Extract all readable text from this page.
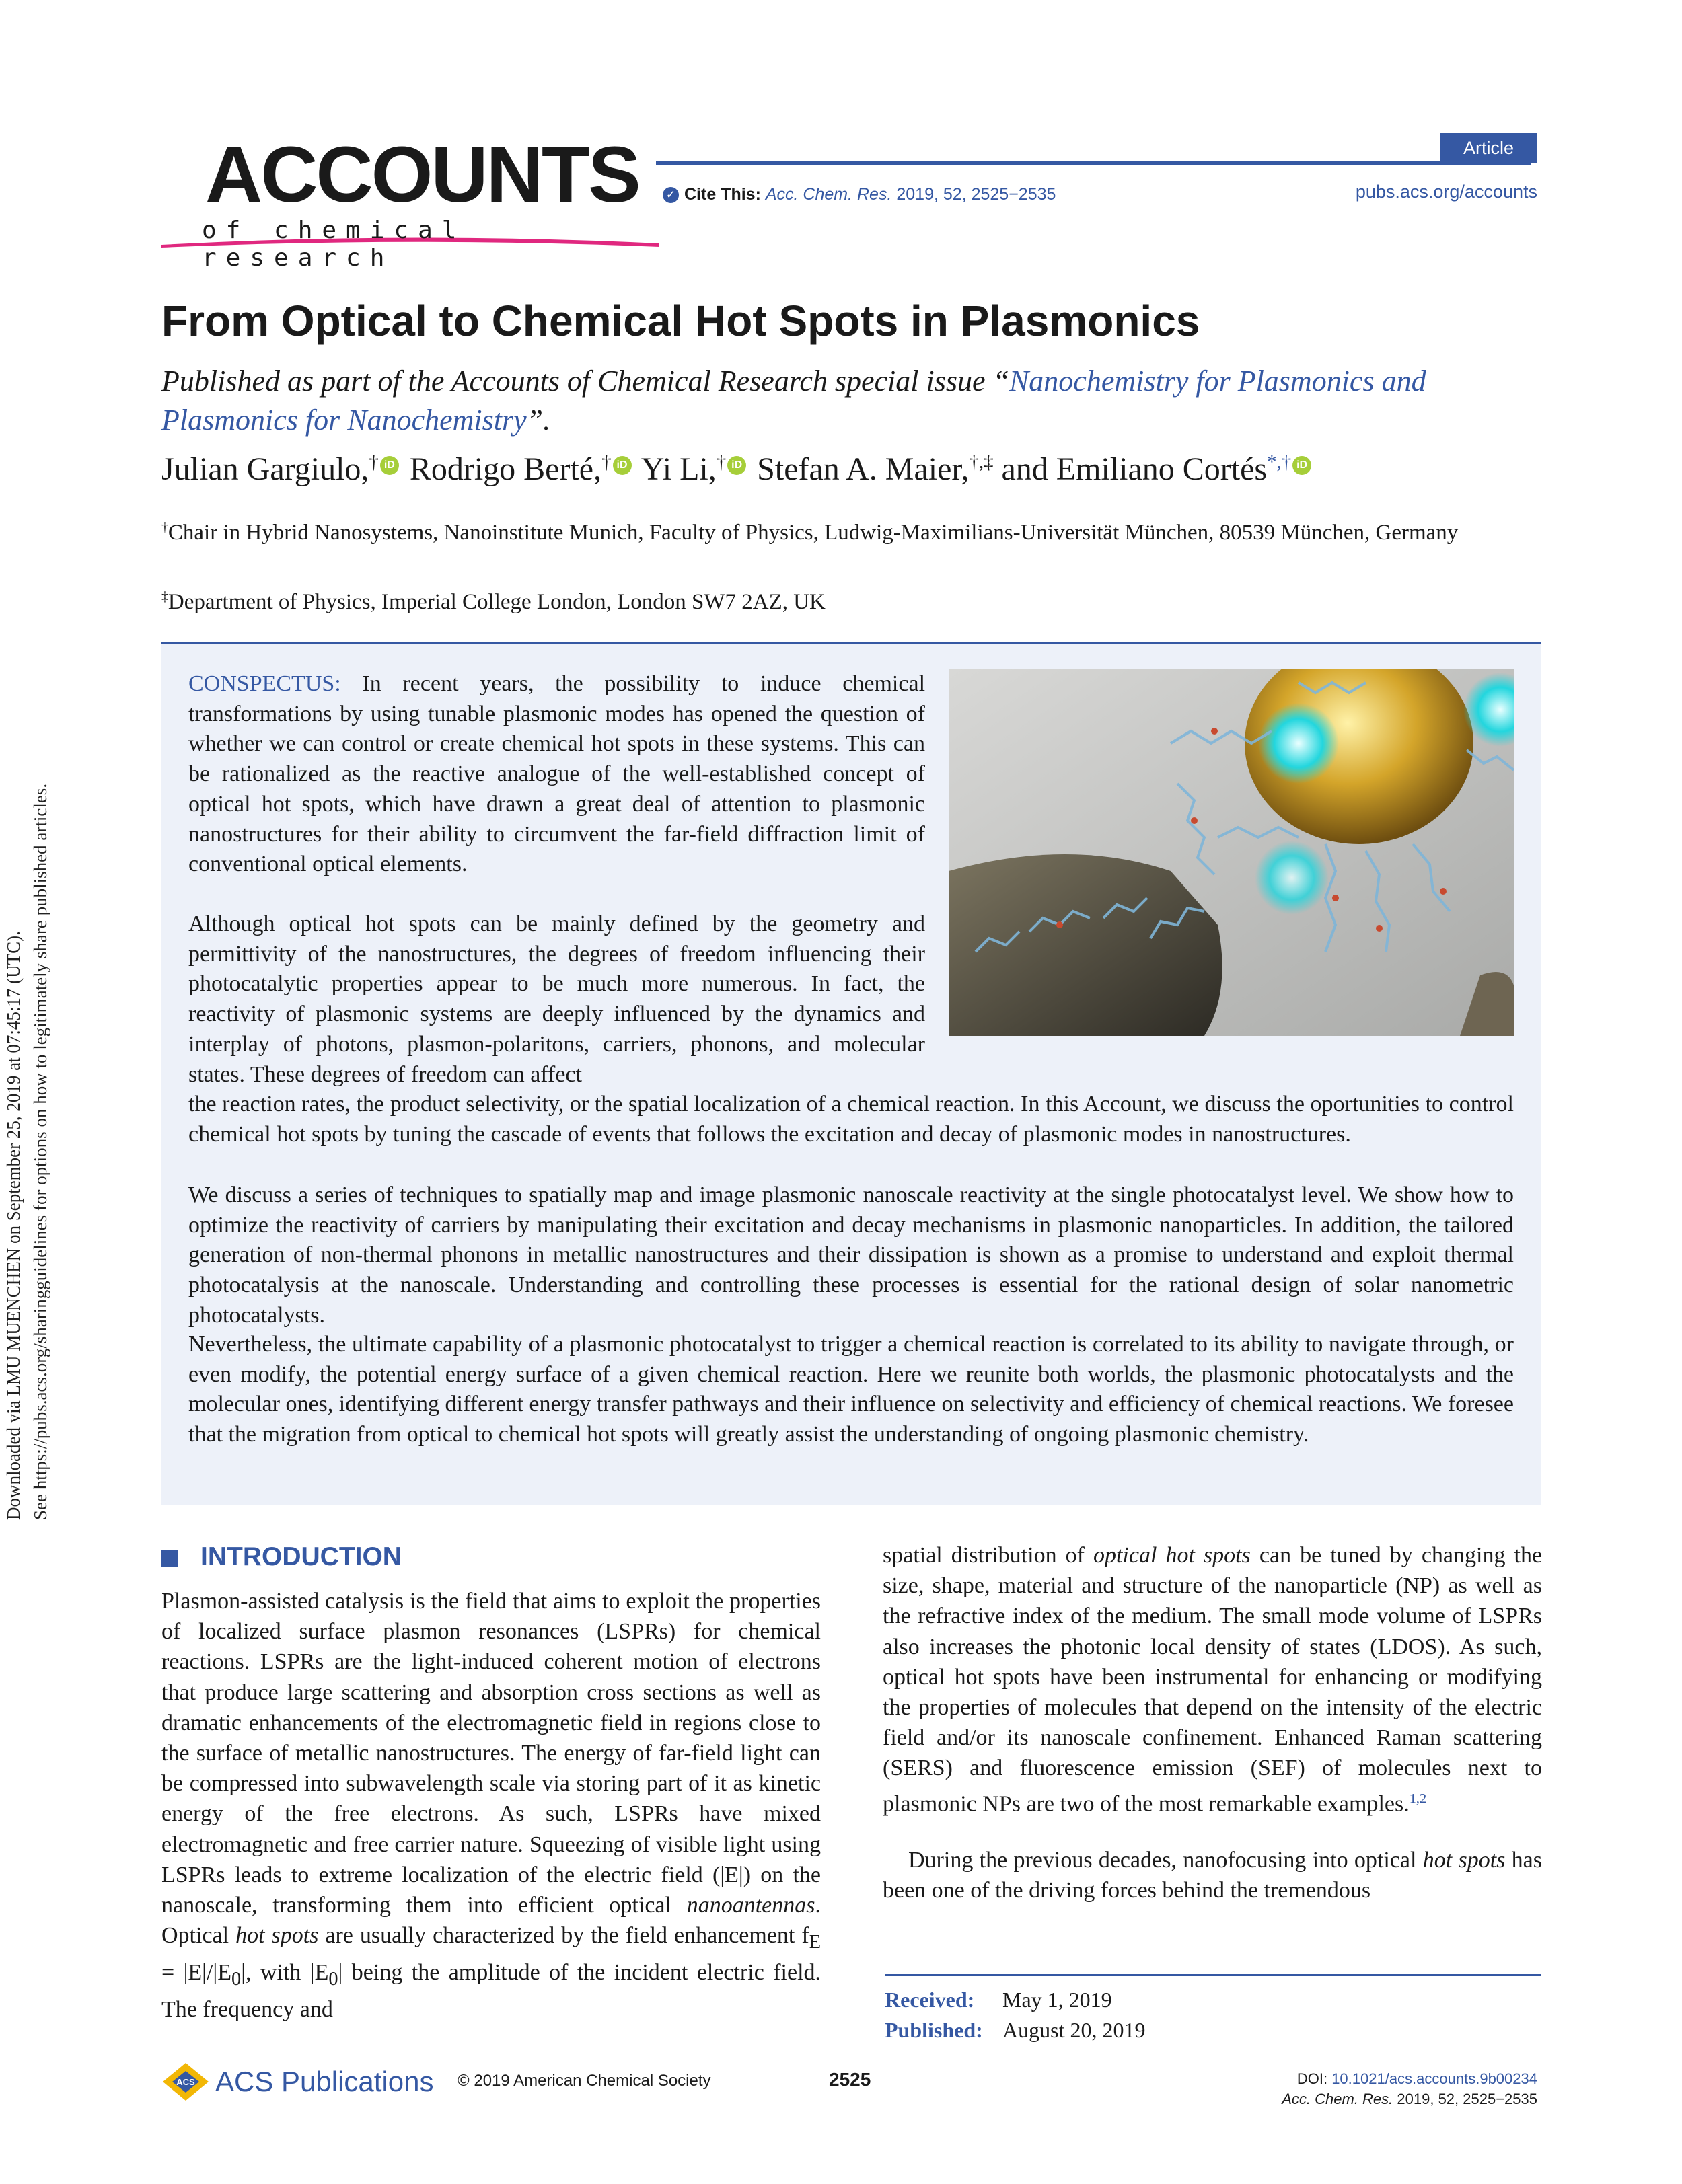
Downloaded via LMU MUENCHEN on September 25, 2019 at 07:45:17 (UTC). See https://pubs.acs.org/sharingguidelines for options on how to legitimately share published articles.
ACCOUNTS
of chemical research
Article
✓ Cite This: Acc. Chem. Res. 2019, 52, 2525−2535	pubs.acs.org/accounts
From Optical to Chemical Hot Spots in Plasmonics
Published as part of the Accounts of Chemical Research special issue “Nanochemistry for Plasmonics and Plasmonics for Nanochemistry”.
Julian Gargiulo,† iD Rodrigo Berté,† iD Yi Li,† iD Stefan A. Maier,†,‡ and Emiliano Cortés*,† iD
†Chair in Hybrid Nanosystems, Nanoinstitute Munich, Faculty of Physics, Ludwig-Maximilians-Universität München, 80539 München, Germany
‡Department of Physics, Imperial College London, London SW7 2AZ, UK

CONSPECTUS: In recent years, the possibility to induce chemical transformations by using tunable plasmonic modes has opened the question of whether we can control or create chemical hot spots in these systems. This can be rationalized as the reactive analogue of the well-established concept of optical hot spots, which have drawn a great deal of attention to plasmonic nanostructures for their ability to circumvent the far-field diffraction limit of conventional optical elements.

Although optical hot spots can be mainly defined by the geometry and permittivity of the nanostructures, the degrees of freedom influencing their photocatalytic properties appear to be much more numerous. In fact, the reactivity of plasmonic systems are deeply influenced by the dynamics and interplay of photons, plasmon-polaritons, carriers, phonons, and molecular states. These degrees of freedom can affect

the reaction rates, the product selectivity, or the spatial localization of a chemical reaction. In this Account, we discuss the oportunities to control chemical hot spots by tuning the cascade of events that follows the excitation and decay of plasmonic modes in nanostructures.

We discuss a series of techniques to spatially map and image plasmonic nanoscale reactivity at the single photocatalyst level. We show how to optimize the reactivity of carriers by manipulating their excitation and decay mechanisms in plasmonic nanoparticles. In addition, the tailored generation of non-thermal phonons in metallic nanostructures and their dissipation is shown as a promise to understand and exploit thermal photocatalysis at the nanoscale. Understanding and controlling these processes is essential for the rational design of solar nanometric photocatalysts.

Nevertheless, the ultimate capability of a plasmonic photocatalyst to trigger a chemical reaction is correlated to its ability to navigate through, or even modify, the potential energy surface of a given chemical reaction. Here we reunite both worlds, the plasmonic photocatalysts and the molecular ones, identifying different energy transfer pathways and their influence on selectivity and efficiency of chemical reactions. We foresee that the migration from optical to chemical hot spots will greatly assist the understanding of ongoing plasmonic chemistry.

INTRODUCTION

Plasmon-assisted catalysis is the field that aims to exploit the properties of localized surface plasmon resonances (LSPRs) for chemical reactions. LSPRs are the light-induced coherent motion of electrons that produce large scattering and absorption cross sections as well as dramatic enhancements of the electromagnetic field in regions close to the surface of metallic nanostructures. The energy of far-field light can be compressed into subwavelength scale via storing part of it as kinetic energy of the free electrons. As such, LSPRs have mixed electromagnetic and free carrier nature. Squeezing of visible light using LSPRs leads to extreme localization of the electric field (|E|) on the nanoscale, transforming them into efficient optical nanoantennas. Optical hot spots are usually characterized by the field enhancement $f_E = |E|/|E_0|$, with $|E_0|$ being the amplitude of the incident electric field. The frequency and

spatial distribution of optical hot spots can be tuned by changing the size, shape, material and structure of the nanoparticle (NP) as well as the refractive index of the medium. The small mode volume of LSPRs also increases the photonic local density of states (LDOS). As such, optical hot spots have been instrumental for enhancing or modifying the properties of molecules that depend on the intensity of the electric field and/or its nanoscale confinement. Enhanced Raman scattering (SERS) and fluorescence emission (SEF) of molecules next to plasmonic NPs are two of the most remarkable examples.$^{1,2}$

During the previous decades, nanofocusing into optical hot spots has been one of the driving forces behind the tremendous

Received: May 1, 2019
Published: August 20, 2019
ACS ACS Publications © 2019 American Chemical Society	2525	DOI: 10.1021/acs.accounts.9b00234
Acc. Chem. Res. 2019, 52, 2525−2535
